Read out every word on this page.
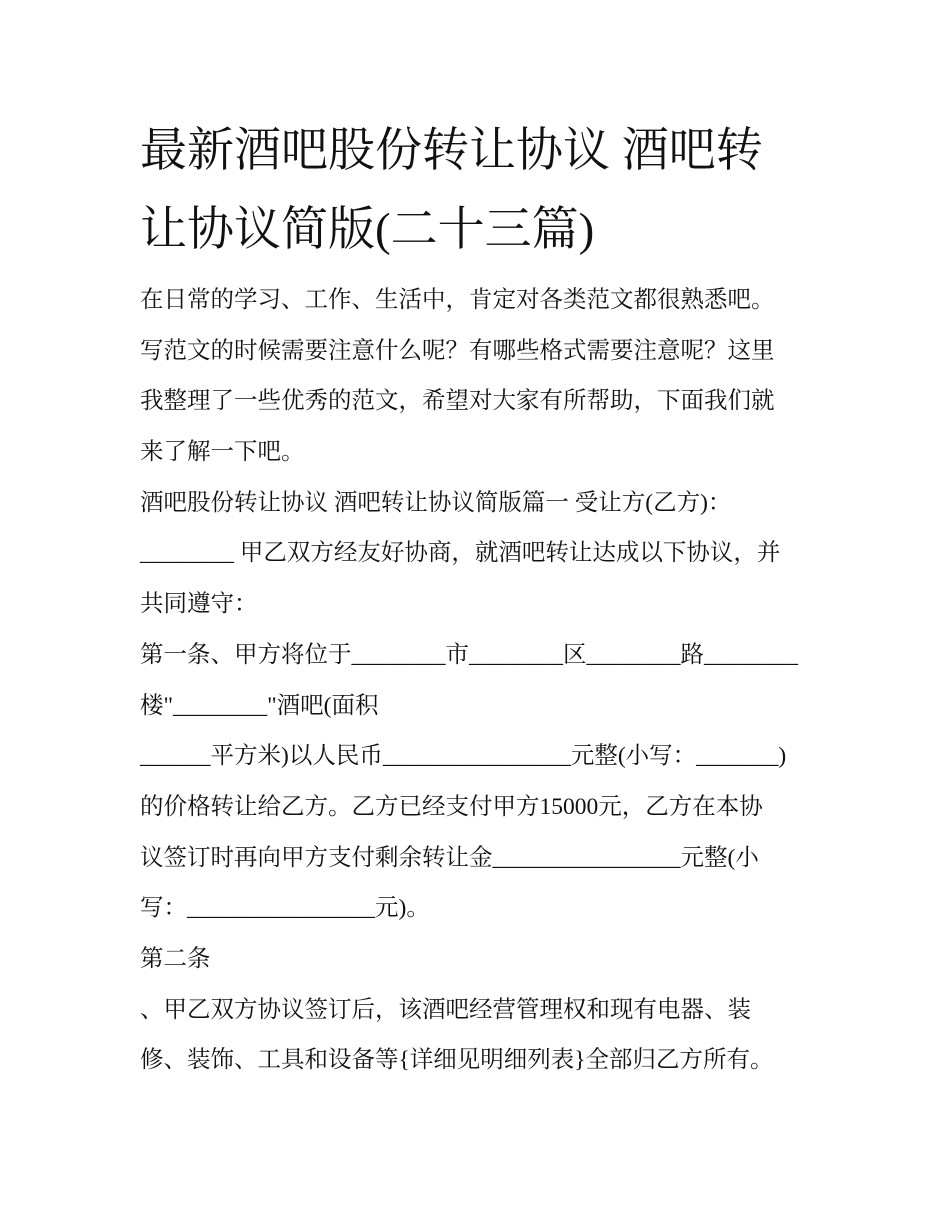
最新酒吧股份转让协议 酒吧转
让协议简版(二十三篇)
在日常的学习、工作、生活中，肯定对各类范文都很熟悉吧。
写范文的时候需要注意什么呢？有哪些格式需要注意呢？这里
我整理了一些优秀的范文，希望对大家有所帮助，下面我们就
来了解一下吧。
酒吧股份转让协议 酒吧转让协议简版篇一 受让方(乙方)：
________ 甲乙双方经友好协商，就酒吧转让达成以下协议，并
共同遵守：
第一条、甲方将位于________市________区________路________
楼"________"酒吧(面积
______平方米)以人民币________________元整(小写：_______)
的价格转让给乙方。乙方已经支付甲方15000元，乙方在本协
议签订时再向甲方支付剩余转让金________________元整(小
写：________________元)。
第二条
、甲乙双方协议签订后，该酒吧经营管理权和现有电器、装
修、装饰、工具和设备等{详细见明细列表}全部归乙方所有。
